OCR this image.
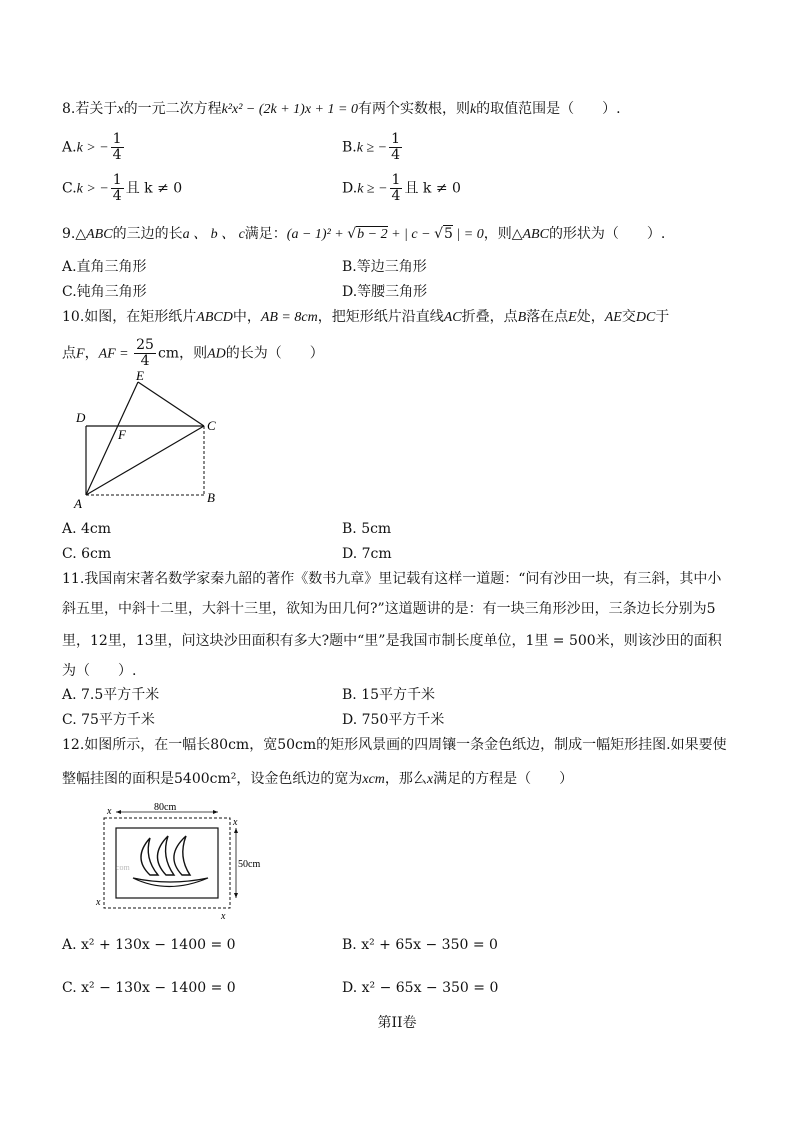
8.若关于x的一元二次方程k²x² − (2k + 1)x + 1 = 0有两个实数根，则k的取值范围是（　　）.
A.k > − $\frac{1}{4}$	B.k ≥ − $\frac{1}{4}$
C.k > − $\frac{1}{4}$ 且 k ≠ 0	D.k ≥ − $\frac{1}{4}$ 且 k ≠ 0
9.△ABC的三边的长a 、 b 、 c满足：(a − 1)² + √b − 2 + | c − √5 | = 0，则△ABC的形状为（　　）.
A.直角三角形	B.等边三角形
C.钝角三角形	D.等腰三角形
10.如图，在矩形纸片ABCD中，AB = 8cm，把矩形纸片沿直线AC折叠，点B落在点E处，AE交DC于
点F，AF = $\frac{25}{4}$ cm，则AD的长为（　　）
E
D
F
C
A	B
A. 4cm	B. 5cm
C. 6cm	D. 7cm
11.我国南宋著名数学家秦九韶的著作《数书九章》里记载有这样一道题：“问有沙田一块，有三斜，其中小
斜五里，中斜十二里，大斜十三里，欲知为田几何?”这道题讲的是：有一块三角形沙田，三条边长分别为5
里，12里，13里，问这块沙田面积有多大?题中“里”是我国市制长度单位，1里 = 500米，则该沙田的面积
为（　　）.
A. 7.5平方千米	B. 15平方千米
C. 75平方千米	D. 750平方千米
12.如图所示，在一幅长80cm，宽50cm的矩形风景画的四周镶一条金色纸边，制成一幅矩形挂图.如果要使
整幅挂图的面积是5400cm²，设金色纸边的宽为xcm，那么x满足的方程是（　　）
80cm
50cm
x
x
x
x
com
A. x² + 130x − 1400 = 0	B. x² + 65x − 350 = 0
C. x² − 130x − 1400 = 0	D. x² − 65x − 350 = 0
第II卷
